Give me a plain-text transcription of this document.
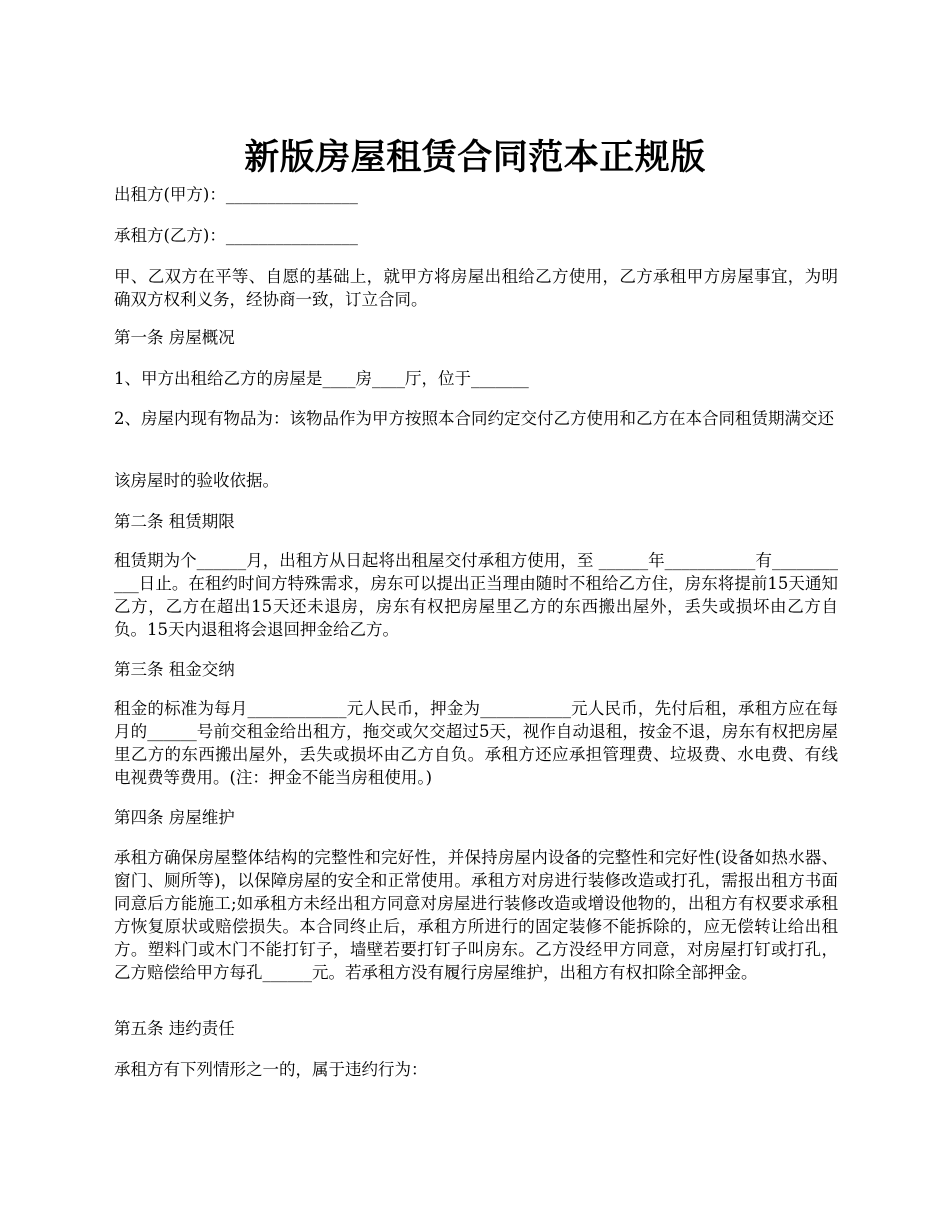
新版房屋租赁合同范本正规版

出租方(甲方)：________________

承租方(乙方)：________________

甲、乙双方在平等、自愿的基础上，就甲方将房屋出租给乙方使用，乙方承租甲方房屋事宜，为明确双方权利义务，经协商一致，订立合同。

第一条 房屋概况

1、甲方出租给乙方的房屋是____房____厅，位于_______

2、房屋内现有物品为：该物品作为甲方按照本合同约定交付乙方使用和乙方在本合同租赁期满交还

该房屋时的验收依据。

第二条 租赁期限

租赁期为个______月，出租方从日起将出租屋交付承租方使用，至 ______年___________有___________日止。在租约时间方特殊需求，房东可以提出正当理由随时不租给乙方住，房东将提前15天通知乙方，乙方在超出15天还未退房，房东有权把房屋里乙方的东西搬出屋外，丢失或损坏由乙方自负。15天内退租将会退回押金给乙方。

第三条 租金交纳

租金的标准为每月____________元人民币，押金为___________元人民币，先付后租，承租方应在每月的______号前交租金给出租方，拖交或欠交超过5天，视作自动退租，按金不退，房东有权把房屋里乙方的东西搬出屋外，丢失或损坏由乙方自负。承租方还应承担管理费、垃圾费、水电费、有线电视费等费用。(注：押金不能当房租使用。)

第四条 房屋维护

承租方确保房屋整体结构的完整性和完好性，并保持房屋内设备的完整性和完好性(设备如热水器、窗门、厕所等)，以保障房屋的安全和正常使用。承租方对房进行装修改造或打孔，需报出租方书面同意后方能施工;如承租方未经出租方同意对房屋进行装修改造或增设他物的，出租方有权要求承租方恢复原状或赔偿损失。本合同终止后，承租方所进行的固定装修不能拆除的，应无偿转让给出租方。塑料门或木门不能打钉子，墙壁若要打钉子叫房东。乙方没经甲方同意，对房屋打钉或打孔，乙方赔偿给甲方每孔______元。若承租方没有履行房屋维护，出租方有权扣除全部押金。

第五条 违约责任

承租方有下列情形之一的，属于违约行为：
